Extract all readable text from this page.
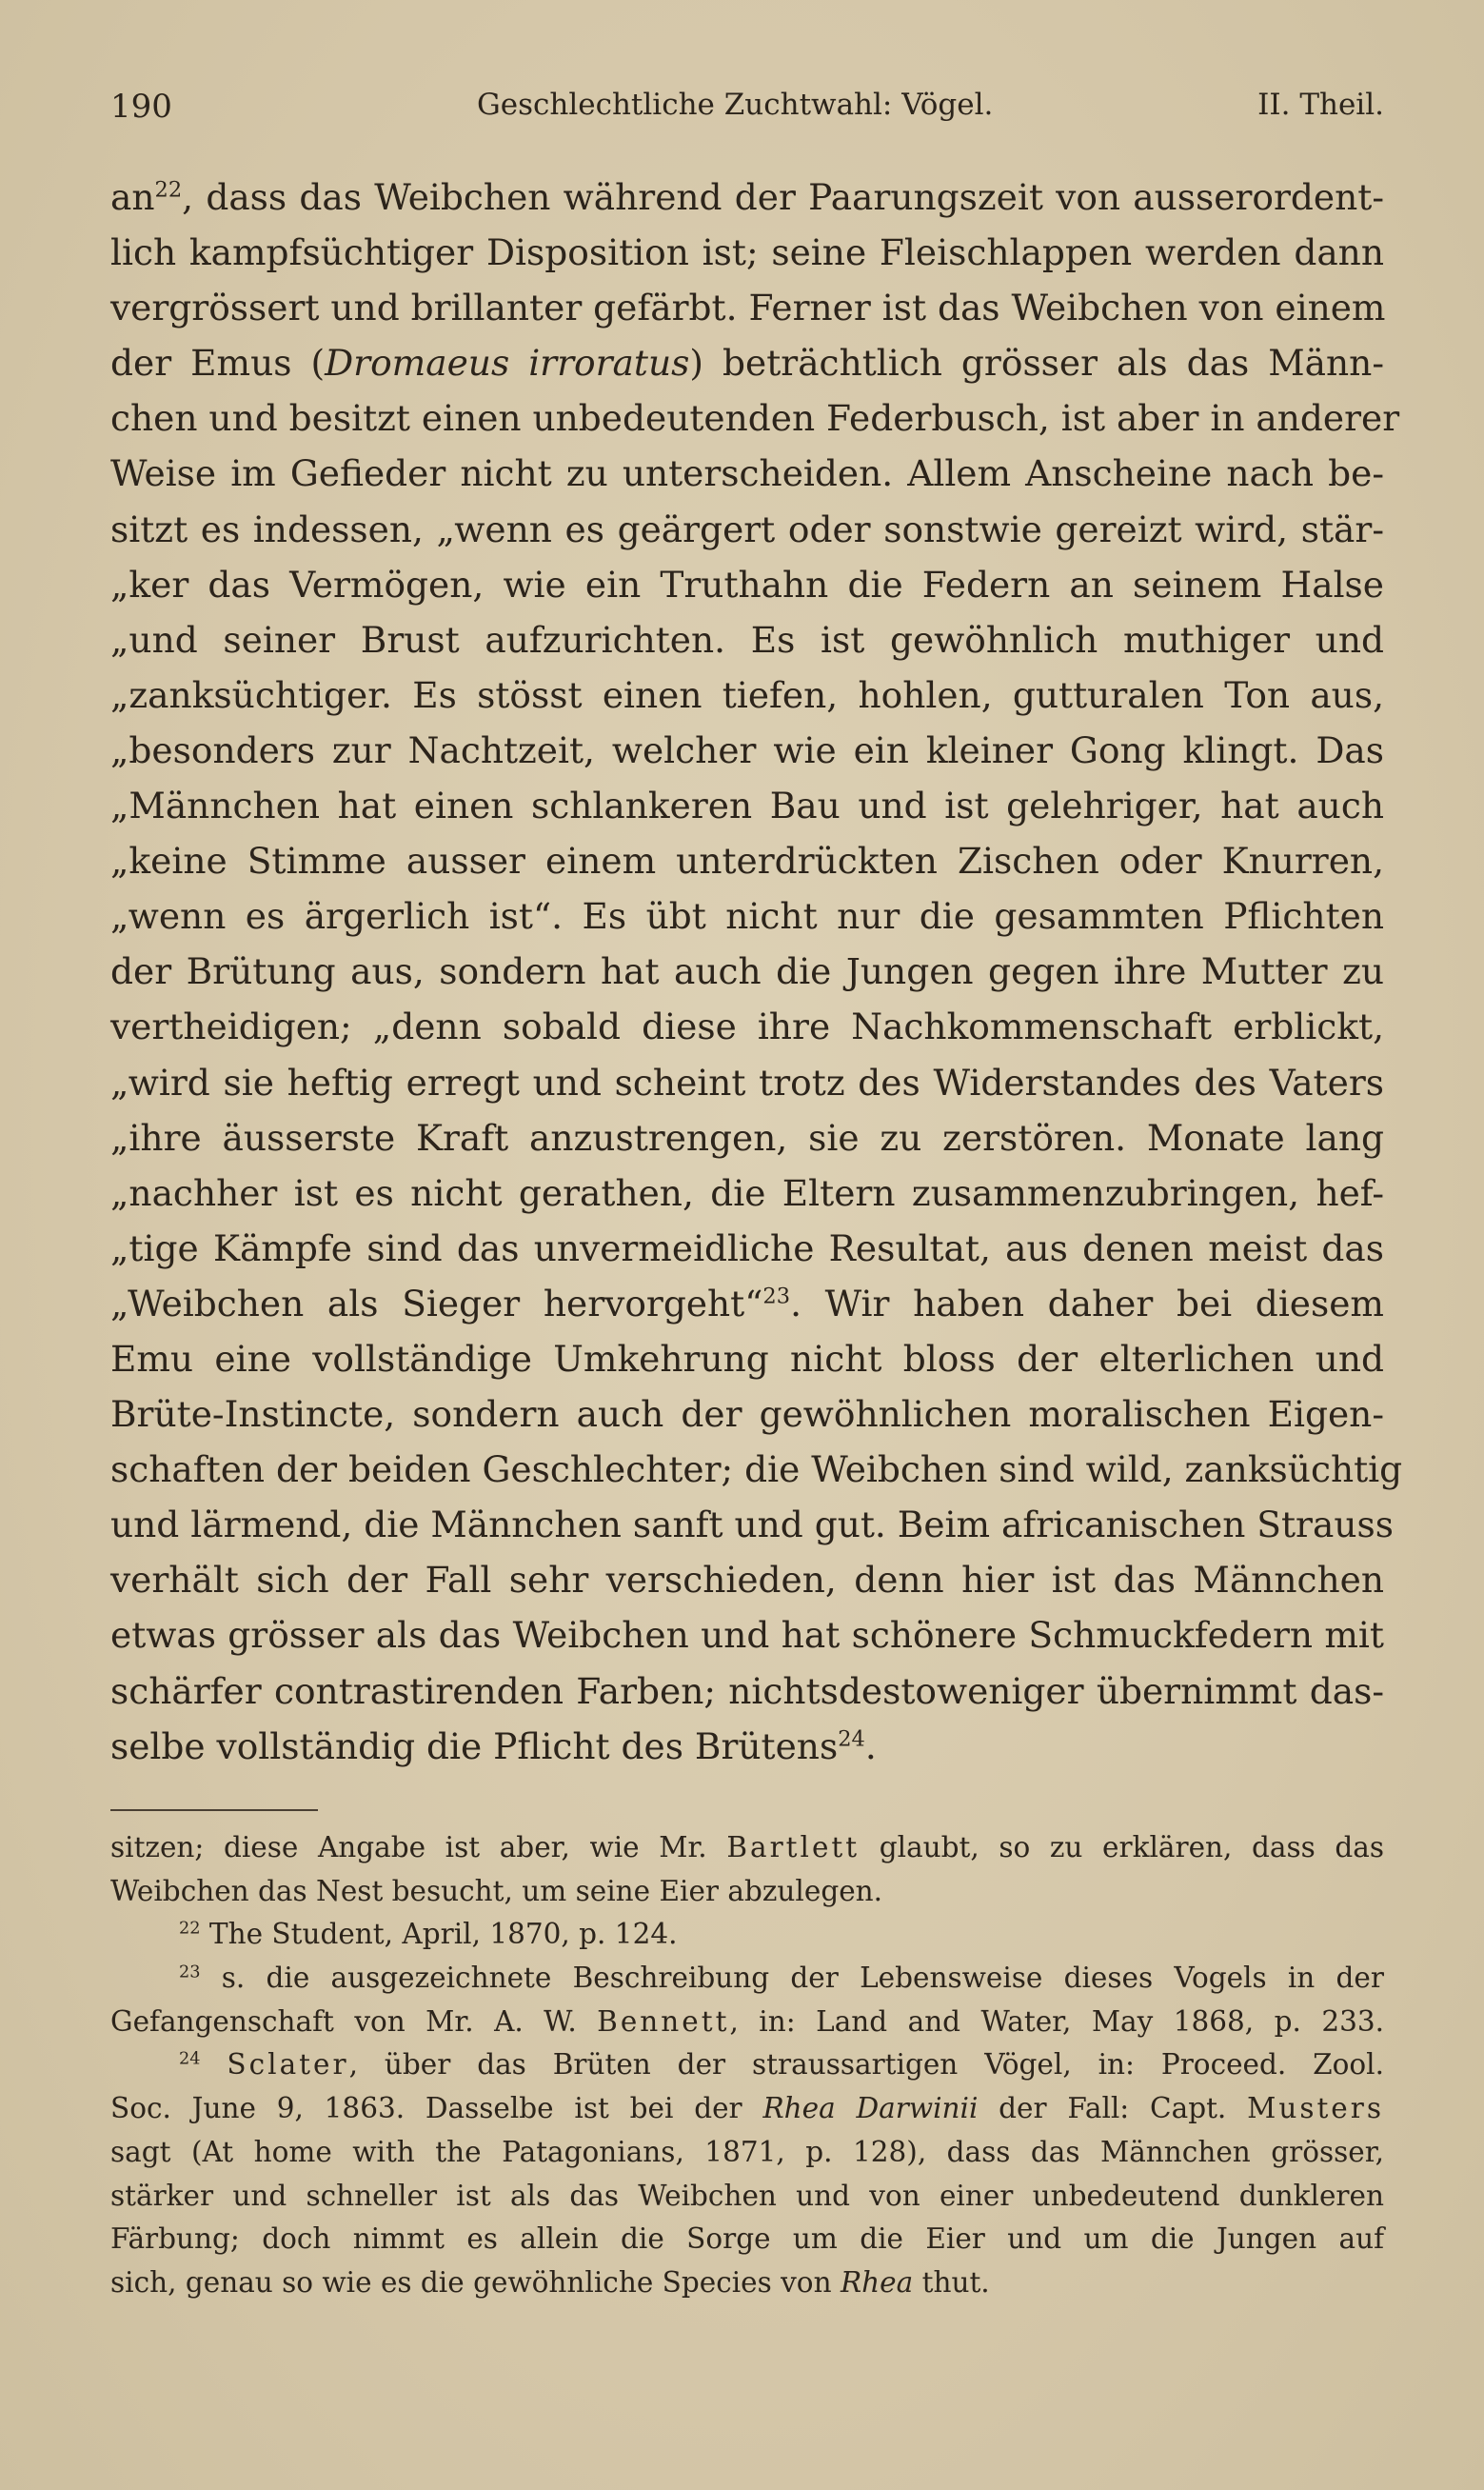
190	Geschlechtliche Zuchtwahl: Vögel.	II. Theil.
$an^{22}$, dass das Weibchen während der Paarungszeit von ausserordent-
lich kampfsüchtiger Disposition ist; seine Fleischlappen werden dann
vergrössert und brillanter gefärbt. Ferner ist das Weibchen von einem
der Emus (Dromaeus irroratus) beträchtlich grösser als das Männ-
chen und besitzt einen unbedeutenden Federbusch, ist aber in anderer
Weise im Gefieder nicht zu unterscheiden. Allem Anscheine nach be-
sitzt es indessen, „wenn es geärgert oder sonstwie gereizt wird, stär-
„ker das Vermögen, wie ein Truthahn die Federn an seinem Halse
„und seiner Brust aufzurichten. Es ist gewöhnlich muthiger und
„zanksüchtiger. Es stösst einen tiefen, hohlen, gutturalen Ton aus,
„besonders zur Nachtzeit, welcher wie ein kleiner Gong klingt. Das
„Männchen hat einen schlankeren Bau und ist gelehriger, hat auch
„keine Stimme ausser einem unterdrückten Zischen oder Knurren,
„wenn es ärgerlich ist“. Es übt nicht nur die gesammten Pflichten
der Brütung aus, sondern hat auch die Jungen gegen ihre Mutter zu
vertheidigen; „denn sobald diese ihre Nachkommenschaft erblickt,
„wird sie heftig erregt und scheint trotz des Widerstandes des Vaters
„ihre äusserste Kraft anzustrengen, sie zu zerstören. Monate lang
„nachher ist es nicht gerathen, die Eltern zusammenzubringen, hef-
„tige Kämpfe sind das unvermeidliche Resultat, aus denen meist das
„Weibchen als Sieger hervorgeht“$^{23}$. Wir haben daher bei diesem
Emu eine vollständige Umkehrung nicht bloss der elterlichen und
Brüte-Instincte, sondern auch der gewöhnlichen moralischen Eigen-
schaften der beiden Geschlechter; die Weibchen sind wild, zanksüchtig
und lärmend, die Männchen sanft und gut. Beim africanischen Strauss
verhält sich der Fall sehr verschieden, denn hier ist das Männchen
etwas grösser als das Weibchen und hat schönere Schmuckfedern mit
schärfer contrastirenden Farben; nichtsdestoweniger übernimmt das-
selbe vollständig die Pflicht des Brütens$^{24}$.
sitzen; diese Angabe ist aber, wie Mr. Bartlett glaubt, so zu erklären, dass das
Weibchen das Nest besucht, um seine Eier abzulegen.
$^{22}$ The Student, April, 1870, p. 124.
$^{23}$ s. die ausgezeichnete Beschreibung der Lebensweise dieses Vogels in der
Gefangenschaft von Mr. A. W. Bennett, in: Land and Water, May 1868, p. 233.
$^{24}$ Sclater, über das Brüten der straussartigen Vögel, in: Proceed. Zool.
Soc. June 9, 1863. Dasselbe ist bei der Rhea Darwinii der Fall: Capt. Musters
sagt (At home with the Patagonians, 1871, p. 128), dass das Männchen grösser,
stärker und schneller ist als das Weibchen und von einer unbedeutend dunkleren
Färbung; doch nimmt es allein die Sorge um die Eier und um die Jungen auf
sich, genau so wie es die gewöhnliche Species von Rhea thut.
